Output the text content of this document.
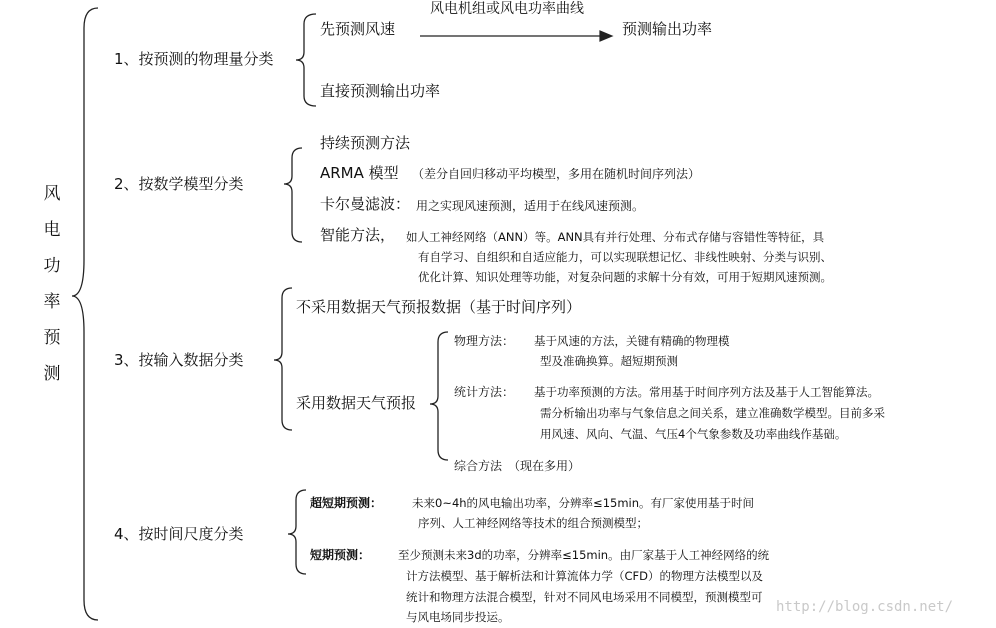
风
电
功
率
预
测
1、按预测的物理量分类
先预测风速
风电机组或风电功率曲线
预测输出功率
直接预测输出功率
2、按数学模型分类
持续预测方法
ARMA 模型 （差分自回归移动平均模型，多用在随机时间序列法）
卡尔曼滤波： 用之实现风速预测，适用于在线风速预测。
智能方法， 如人工神经网络（ANN）等。ANN具有并行处理、分布式存储与容错性等特征，具
有自学习、自组织和自适应能力，可以实现联想记忆、非线性映射、分类与识别、
优化计算、知识处理等功能，对复杂问题的求解十分有效，可用于短期风速预测。
3、按输入数据分类
不采用数据天气预报数据（基于时间序列）
采用数据天气预报
物理方法： 基于风速的方法，关键有精确的物理模
型及准确换算。超短期预测
统计方法： 基于功率预测的方法。常用基于时间序列方法及基于人工智能算法。
需分析输出功率与气象信息之间关系，建立准确数学模型。目前多采
用风速、风向、气温、气压4个气象参数及功率曲线作基础。
综合方法　（现在多用）
4、按时间尺度分类
超短期预测：	未来0~4h的风电输出功率，分辨率≤15min。有厂家使用基于时间
序列、人工神经网络等技术的组合预测模型；
短期预测： 至少预测未来3d的功率，分辨率≤15min。由厂家基于人工神经网络的统
计方法模型、基于解析法和计算流体力学（CFD）的物理方法模型以及
统计和物理方法混合模型，针对不同风电场采用不同模型，预测模型可
与风电场同步投运。
http://blog.csdn.net/
